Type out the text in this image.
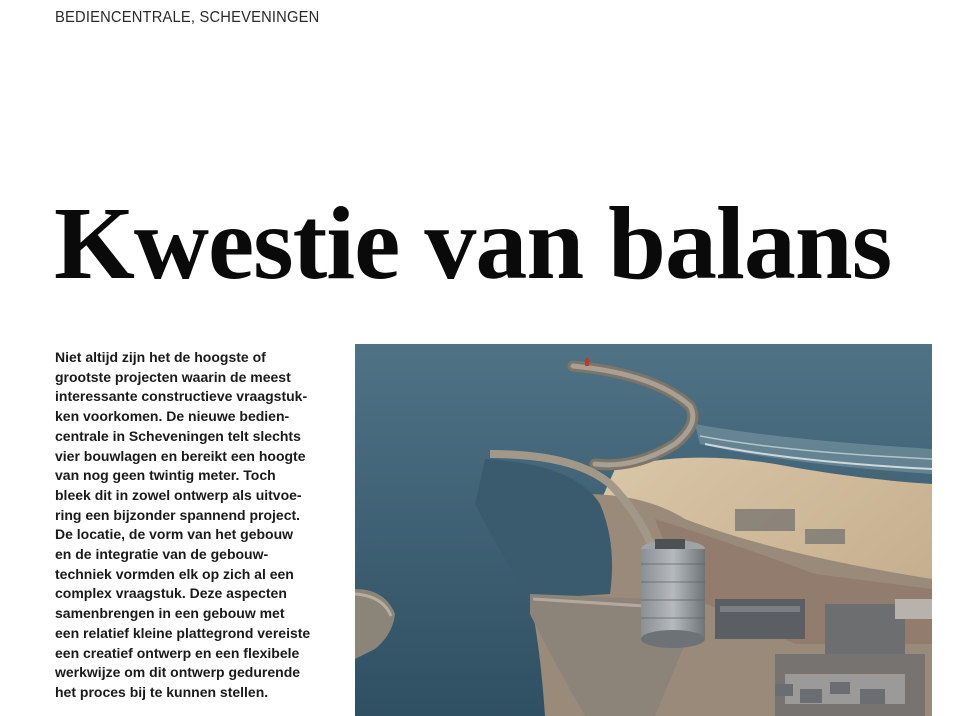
BEDIENCENTRALE, SCHEVENINGEN
Kwestie van balans

Niet altijd zijn het de hoogste of
grootste projecten waarin de meest
interessante constructieve vraagstuk-
ken voorkomen. De nieuwe bedien-
centrale in Scheveningen telt slechts
vier bouwlagen en bereikt een hoogte
van nog geen twintig meter. Toch
bleek dit in zowel ontwerp als uitvoe-
ring een bijzonder spannend project.
De locatie, de vorm van het gebouw
en de integratie van de gebouw-
techniek vormden elk op zich al een
complex vraagstuk. Deze aspecten
samenbrengen in een gebouw met
een relatief kleine plattegrond vereiste
een creatief ontwerp en een flexibele
werkwijze om dit ontwerp gedurende
het proces bij te kunnen stellen.
